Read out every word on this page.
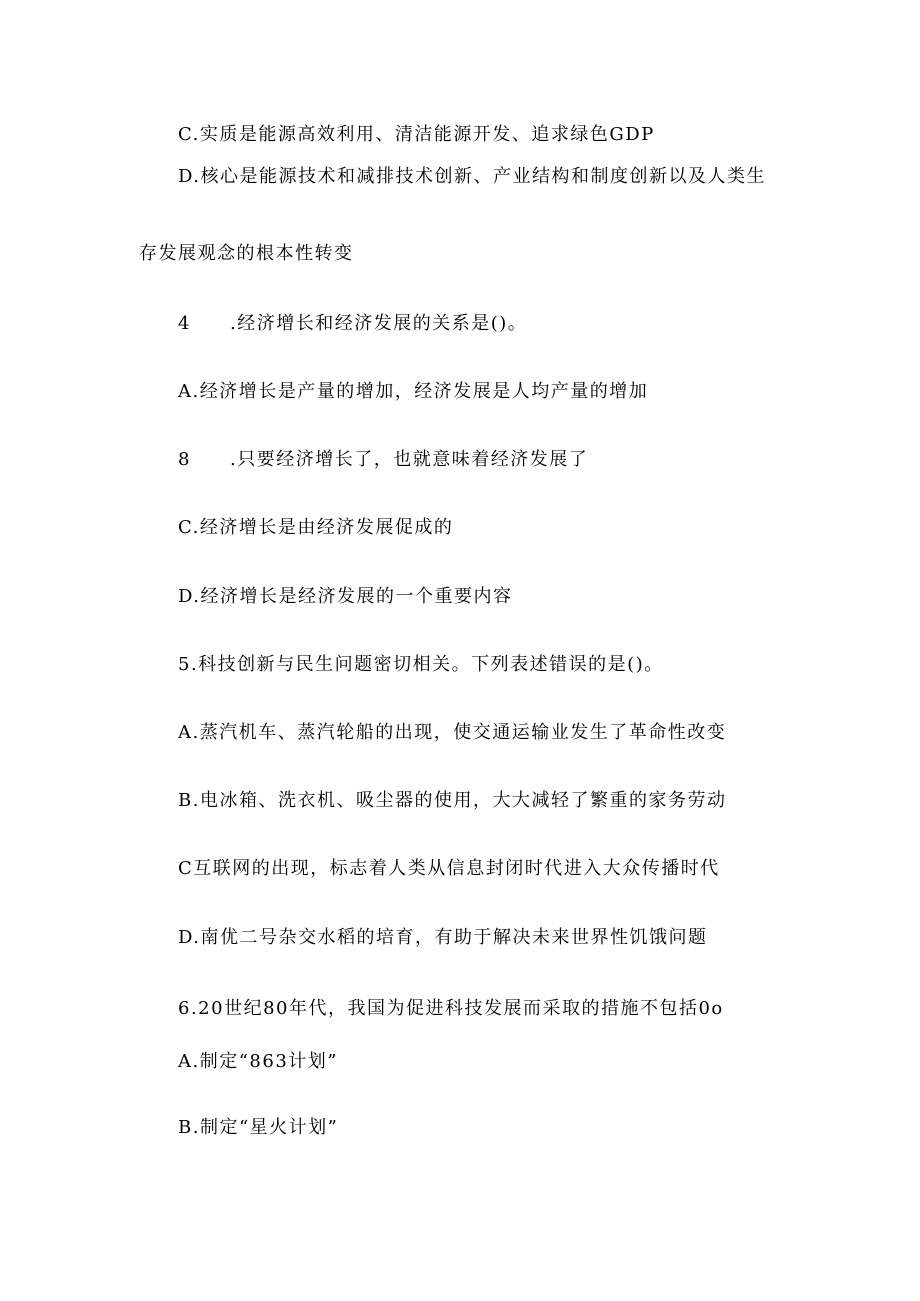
C.实质是能源高效利用、清洁能源开发、追求绿色GDP
D.核心是能源技术和减排技术创新、产业结构和制度创新以及人类生
存发展观念的根本性转变
4 .经济增长和经济发展的关系是()。
A.经济增长是产量的增加，经济发展是人均产量的增加
8 .只要经济增长了，也就意味着经济发展了
C.经济增长是由经济发展促成的
D.经济增长是经济发展的一个重要内容
5.科技创新与民生问题密切相关。下列表述错误的是()。
A.蒸汽机车、蒸汽轮船的出现，使交通运输业发生了革命性改变
B.电冰箱、洗衣机、吸尘器的使用，大大减轻了繁重的家务劳动
C互联网的出现，标志着人类从信息封闭时代进入大众传播时代
D.南优二号杂交水稻的培育，有助于解决未来世界性饥饿问题
6.20世纪80年代，我国为促进科技发展而采取的措施不包括0o
A.制定“863计划”
B.制定“星火计划”
